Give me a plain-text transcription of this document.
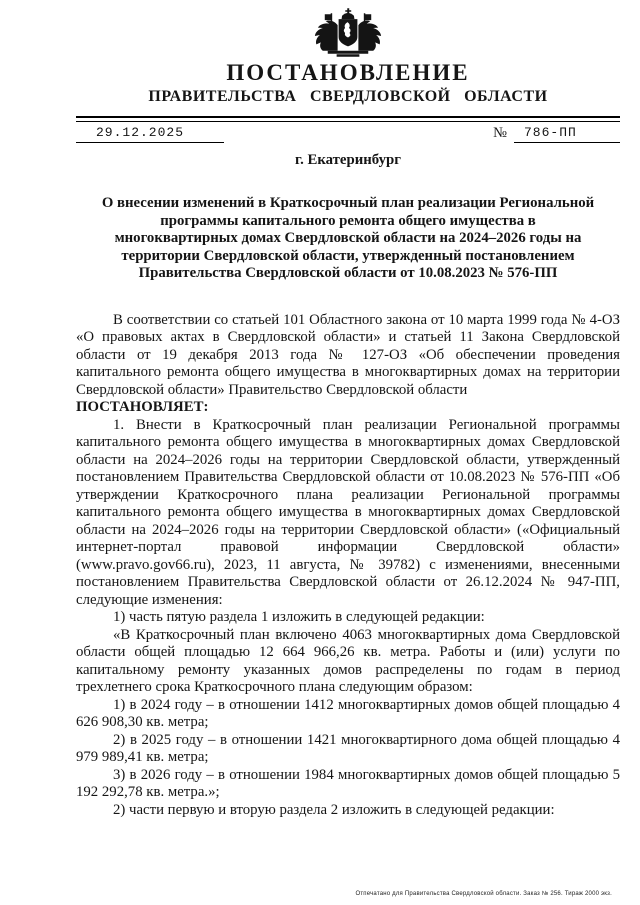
ПОСТАНОВЛЕНИЕ
ПРАВИТЕЛЬСТВА СВЕРДЛОВСКОЙ ОБЛАСТИ
29.12.2025	№	786-ПП
г. Екатеринбург
О внесении изменений в Краткосрочный план реализации Региональной программы капитального ремонта общего имущества в многоквартирных домах Свердловской области на 2024–2026 годы на территории Свердловской области, утвержденный постановлением Правительства Свердловской области от 10.08.2023 № 576-ПП

В соответствии со статьей 101 Областного закона от 10 марта 1999 года № 4-ОЗ «О правовых актах в Свердловской области» и статьей 11 Закона Свердловской области от 19 декабря 2013 года № 127-ОЗ «Об обеспечении проведения капитального ремонта общего имущества в многоквартирных домах на территории Свердловской области» Правительство Свердловской области

ПОСТАНОВЛЯЕТ:

1. Внести в Краткосрочный план реализации Региональной программы капитального ремонта общего имущества в многоквартирных домах Свердловской области на 2024–2026 годы на территории Свердловской области, утвержденный постановлением Правительства Свердловской области от 10.08.2023 № 576-ПП «Об утверждении Краткосрочного плана реализации Региональной программы капитального ремонта общего имущества в многоквартирных домах Свердловской области на 2024–2026 годы на территории Свердловской области» («Официальный интернет-портал правовой информации Свердловской области» (www.pravo.gov66.ru), 2023, 11 августа, № 39782) с изменениями, внесенными постановлением Правительства Свердловской области от 26.12.2024 № 947-ПП, следующие изменения:

1) часть пятую раздела 1 изложить в следующей редакции:

«В Краткосрочный план включено 4063 многоквартирных дома Свердловской области общей площадью 12 664 966,26 кв. метра. Работы и (или) услуги по капитальному ремонту указанных домов распределены по годам в период трехлетнего срока Краткосрочного плана следующим образом:

1) в 2024 году – в отношении 1412 многоквартирных домов общей площадью 4 626 908,30 кв. метра;

2) в 2025 году – в отношении 1421 многоквартирного дома общей площадью 4 979 989,41 кв. метра;

3) в 2026 году – в отношении 1984 многоквартирных домов общей площадью 5 192 292,78 кв. метра.»;

2) части первую и вторую раздела 2 изложить в следующей редакции:

Отпечатано для Правительства Свердловской области. Заказ № 256. Тираж 2000 экз.
